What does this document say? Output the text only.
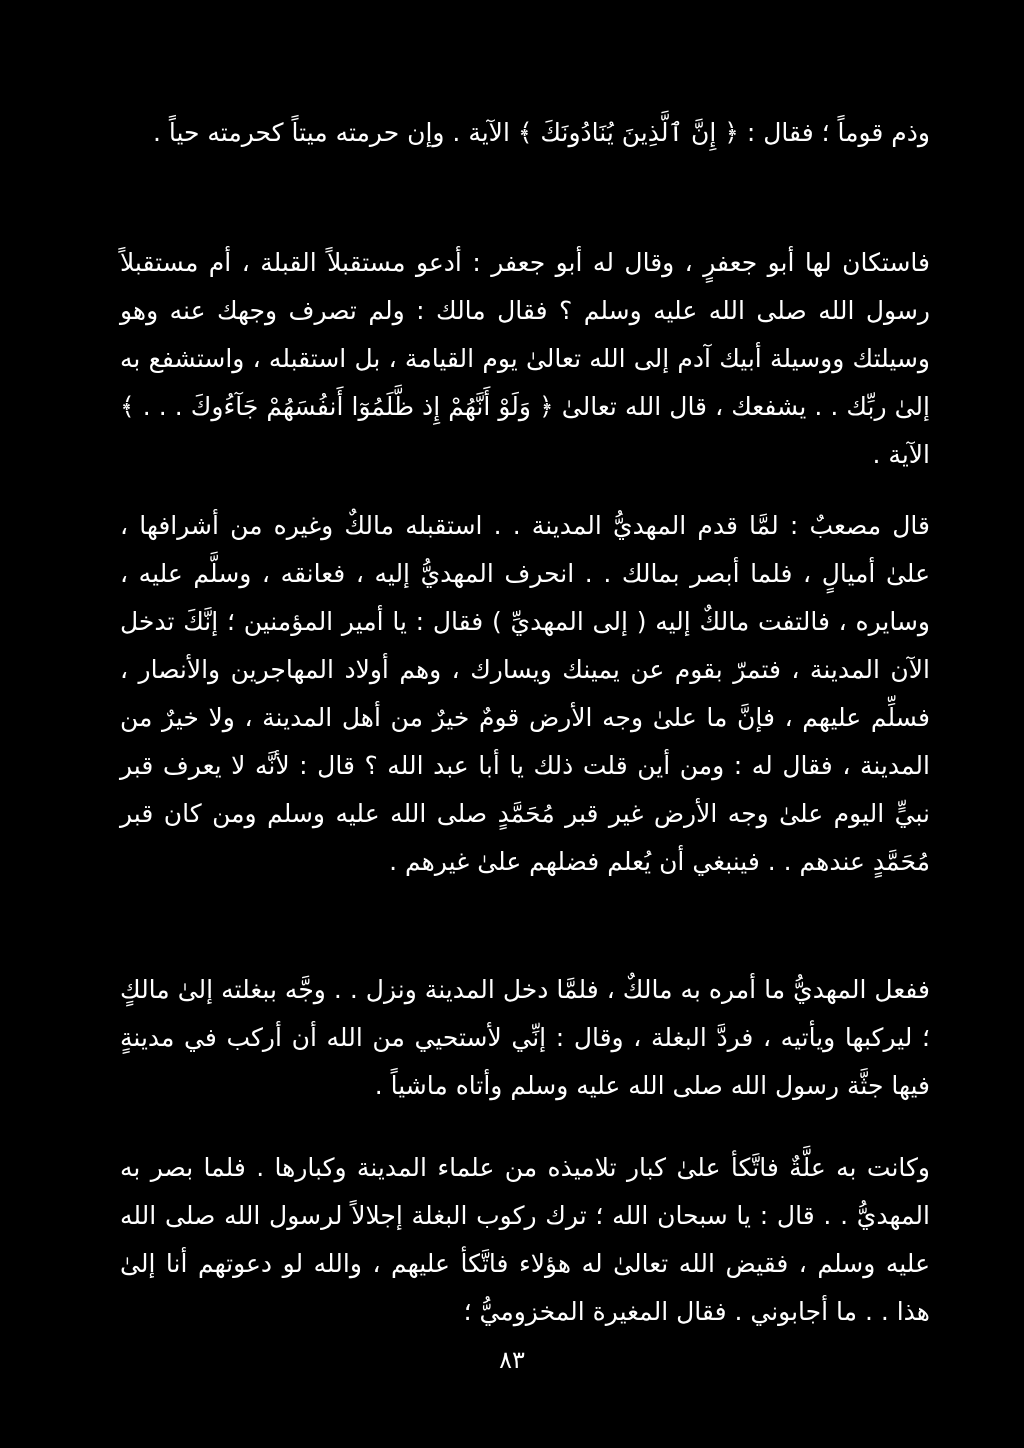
وذم قوماً ؛ فقال : ﴿ إِنَّ ٱلَّذِينَ يُنَادُونَكَ ﴾ الآية . وإن حرمته ميتاً كحرمته حياً .

فاستكان لها أبو جعفرٍ ، وقال له أبو جعفر : أدعو مستقبلاً القبلة ، أم مستقبلاً رسول الله صلى الله عليه وسلم ؟ فقال مالك : ولم تصرف وجهك عنه وهو وسيلتك ووسيلة أبيك آدم إلى الله تعالىٰ يوم القيامة ، بل استقبله ، واستشفع به إلىٰ ربِّك . . يشفعك ، قال الله تعالىٰ ﴿ وَلَوْ أَنَّهُمْ إِذ ظَّلَمُوٓا أَنفُسَهُمْ جَآءُوكَ . . . ﴾ الآية .

قال مصعبٌ : لمَّا قدم المهديُّ المدينة . . استقبله مالكٌ وغيره من أشرافها ، علىٰ أميالٍ ، فلما أبصر بمالك . . انحرف المهديُّ إليه ، فعانقه ، وسلَّم عليه ، وسايره ، فالتفت مالكٌ إليه ( إلى المهديِّ ) فقال : يا أمير المؤمنين ؛ إنَّكَ تدخل الآن المدينة ، فتمرّ بقوم عن يمينك ويسارك ، وهم أولاد المهاجرين والأنصار ، فسلِّم عليهم ، فإنَّ ما علىٰ وجه الأرض قومٌ خيرٌ من أهل المدينة ، ولا خيرٌ من المدينة ، فقال له : ومن أين قلت ذلك يا أبا عبد الله ؟ قال : لأنَّه لا يعرف قبر نبيٍّ اليوم علىٰ وجه الأرض غير قبر مُحَمَّدٍ صلى الله عليه وسلم ومن كان قبر مُحَمَّدٍ عندهم . . فينبغي أن يُعلم فضلهم علىٰ غيرهم .

ففعل المهديُّ ما أمره به مالكٌ ، فلمَّا دخل المدينة ونزل . . وجَّه ببغلته إلىٰ مالكٍ ؛ ليركبها ويأتيه ، فردَّ البغلة ، وقال : إنِّي لأستحيي من الله أن أركب في مدينةٍ فيها جثَّة رسول الله صلى الله عليه وسلم وأتاه ماشياً .

وكانت به علَّةٌ فاتَّكأ علىٰ كبار تلاميذه من علماء المدينة وكبارها . فلما بصر به المهديُّ . . قال : يا سبحان الله ؛ ترك ركوب البغلة إجلالاً لرسول الله صلى الله عليه وسلم ، فقيض الله تعالىٰ له هؤلاء فاتَّكأ عليهم ، والله لو دعوتهم أنا إلىٰ هذا . . ما أجابوني . فقال المغيرة المخزوميُّ ؛

٨٣
